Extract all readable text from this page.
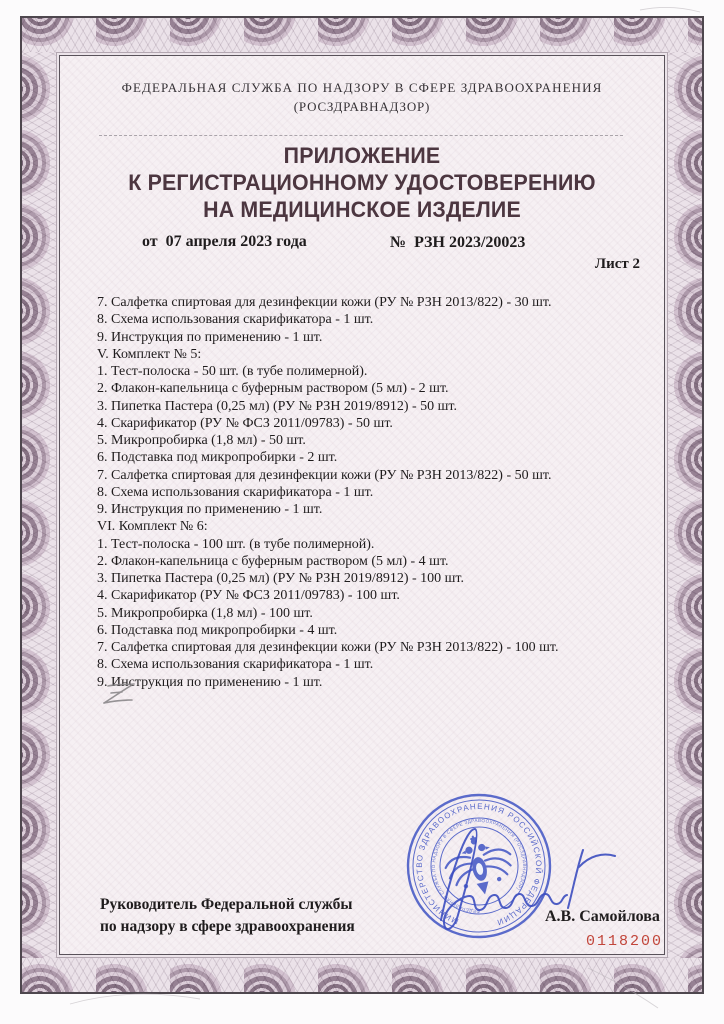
ФЕДЕРАЛЬНАЯ СЛУЖБА ПО НАДЗОРУ В СФЕРЕ ЗДРАВООХРАНЕНИЯ
(РОСЗДРАВНАДЗОР)
ПРИЛОЖЕНИЕ
К РЕГИСТРАЦИОННОМУ УДОСТОВЕРЕНИЮ
НА МЕДИЦИНСКОЕ ИЗДЕЛИЕ
от  07 апреля 2023 года	№  РЗН 2023/20023
Лист 2
7. Салфетка спиртовая для дезинфекции кожи (РУ № РЗН 2013/822) - 30 шт.
8. Схема использования скарификатора - 1 шт.
9. Инструкция по применению - 1 шт.
V. Комплект № 5:
1. Тест-полоска - 50 шт. (в тубе полимерной).
2. Флакон-капельница с буферным раствором (5 мл) - 2 шт.
3. Пипетка Пастера (0,25 мл) (РУ № РЗН 2019/8912) - 50 шт.
4. Скарификатор (РУ № ФСЗ 2011/09783) - 50 шт.
5. Микропробирка (1,8 мл) - 50 шт.
6. Подставка под микропробирки - 2 шт.
7. Салфетка спиртовая для дезинфекции кожи (РУ № РЗН 2013/822) - 50 шт.
8. Схема использования скарификатора - 1 шт.
9. Инструкция по применению - 1 шт.
VI. Комплект № 6:
1. Тест-полоска - 100 шт. (в тубе полимерной).
2. Флакон-капельница с буферным раствором (5 мл) - 4 шт.
3. Пипетка Пастера (0,25 мл) (РУ № РЗН 2019/8912) - 100 шт.
4. Скарификатор (РУ № ФСЗ 2011/09783) - 100 шт.
5. Микропробирка (1,8 мл) - 100 шт.
6. Подставка под микропробирки - 4 шт.
7. Салфетка спиртовая для дезинфекции кожи (РУ № РЗН 2013/822) - 100 шт.
8. Схема использования скарификатора - 1 шт.
9. Инструкция по применению - 1 шт.
МИНИСТЕРСТВО ЗДРАВООХРАНЕНИЯ РОССИЙСКОЙ ФЕДЕРАЦИИ
ФЕДЕРАЛЬНАЯ СЛУЖБА ПО НАДЗОРУ В СФЕРЕ ЗДРАВООХРАНЕНИЯ (РОСЗДРАВНАДЗОР)
Руководитель Федеральной службы
по надзору в сфере здравоохранения
А.В. Самойлова
0118200
